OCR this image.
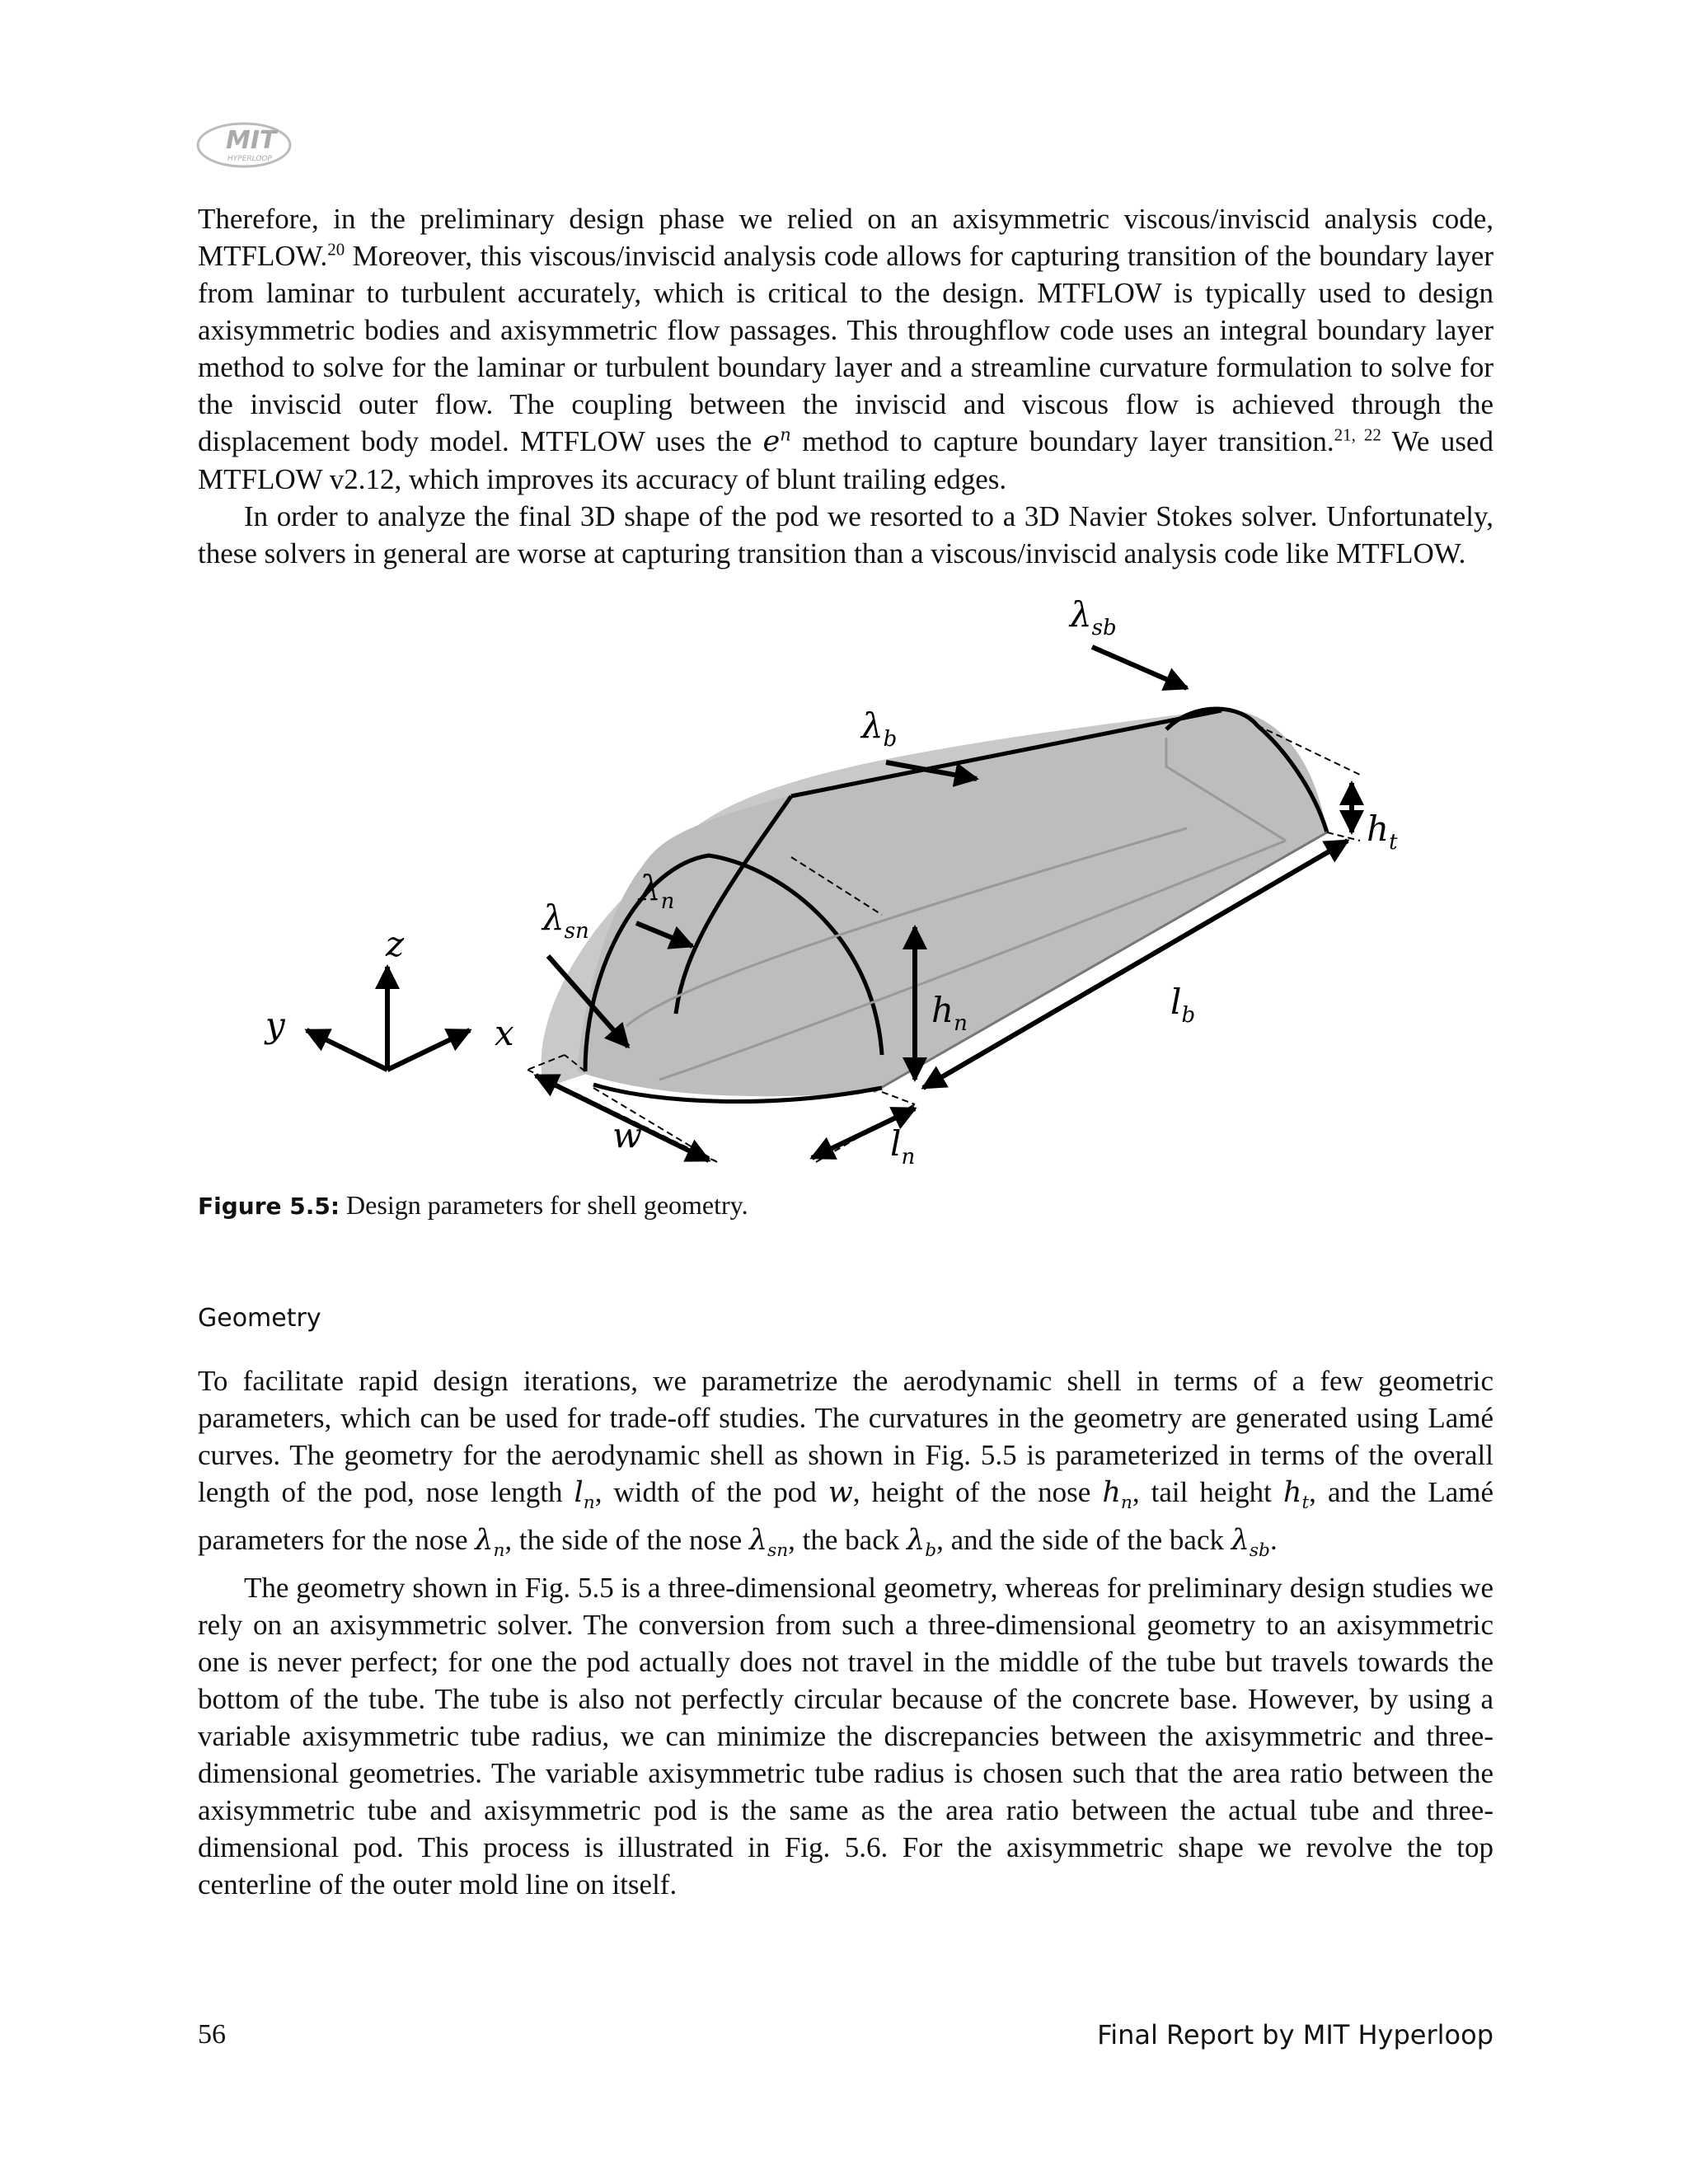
MIT
HYPERLOOP

Therefore, in the preliminary design phase we relied on an axisymmetric viscous/inviscid analysis code, MTFLOW.$^{20}$ Moreover, this viscous/inviscid analysis code allows for capturing transition of the boundary layer from laminar to turbulent accurately, which is critical to the design. MTFLOW is typically used to design axisymmetric bodies and axisymmetric flow passages. This throughflow code uses an integral boundary layer method to solve for the laminar or turbulent boundary layer and a streamline curvature formulation to solve for the inviscid outer flow. The coupling between the inviscid and viscous flow is achieved through the displacement body model. MTFLOW uses the $e^n$ method to capture boundary layer transition.$^{21, 22}$ We used MTFLOW v2.12, which improves its accuracy of blunt trailing edges.

In order to analyze the final 3D shape of the pod we resorted to a 3D Navier Stokes solver. Unfortunately, these solvers in general are worse at capturing transition than a viscous/inviscid analysis code like MTFLOW.

$\lambda_{sb}$
$\lambda_b$
$\lambda_n$
$\lambda_{sn}$
$h_t$
$h_n$
$l_b$
$l_n$
w
x
y
z
Figure 5.5: Design parameters for shell geometry.
Geometry

To facilitate rapid design iterations, we parametrize the aerodynamic shell in terms of a few geometric parameters, which can be used for trade-off studies. The curvatures in the geometry are generated using Lamé curves. The geometry for the aerodynamic shell as shown in Fig. 5.5 is parameterized in terms of the overall length of the pod, nose length $l_n$, width of the pod w, height of the nose $h_n$, tail height $h_t$, and the Lamé parameters for the nose $\lambda_n$, the side of the nose $\lambda_{sn}$, the back $\lambda_b$, and the side of the back $\lambda_{sb}$.

The geometry shown in Fig. 5.5 is a three-dimensional geometry, whereas for preliminary design studies we rely on an axisymmetric solver. The conversion from such a three-dimensional geometry to an axisymmetric one is never perfect; for one the pod actually does not travel in the middle of the tube but travels towards the bottom of the tube. The tube is also not perfectly circular because of the concrete base. However, by using a variable axisymmetric tube radius, we can minimize the discrepancies between the axisymmetric and three-dimensional geometries. The variable axisymmetric tube radius is chosen such that the area ratio between the axisymmetric tube and axisymmetric pod is the same as the area ratio between the actual tube and three-dimensional pod. This process is illustrated in Fig. 5.6. For the axisymmetric shape we revolve the top centerline of the outer mold line on itself.

56	Final Report by MIT Hyperloop
